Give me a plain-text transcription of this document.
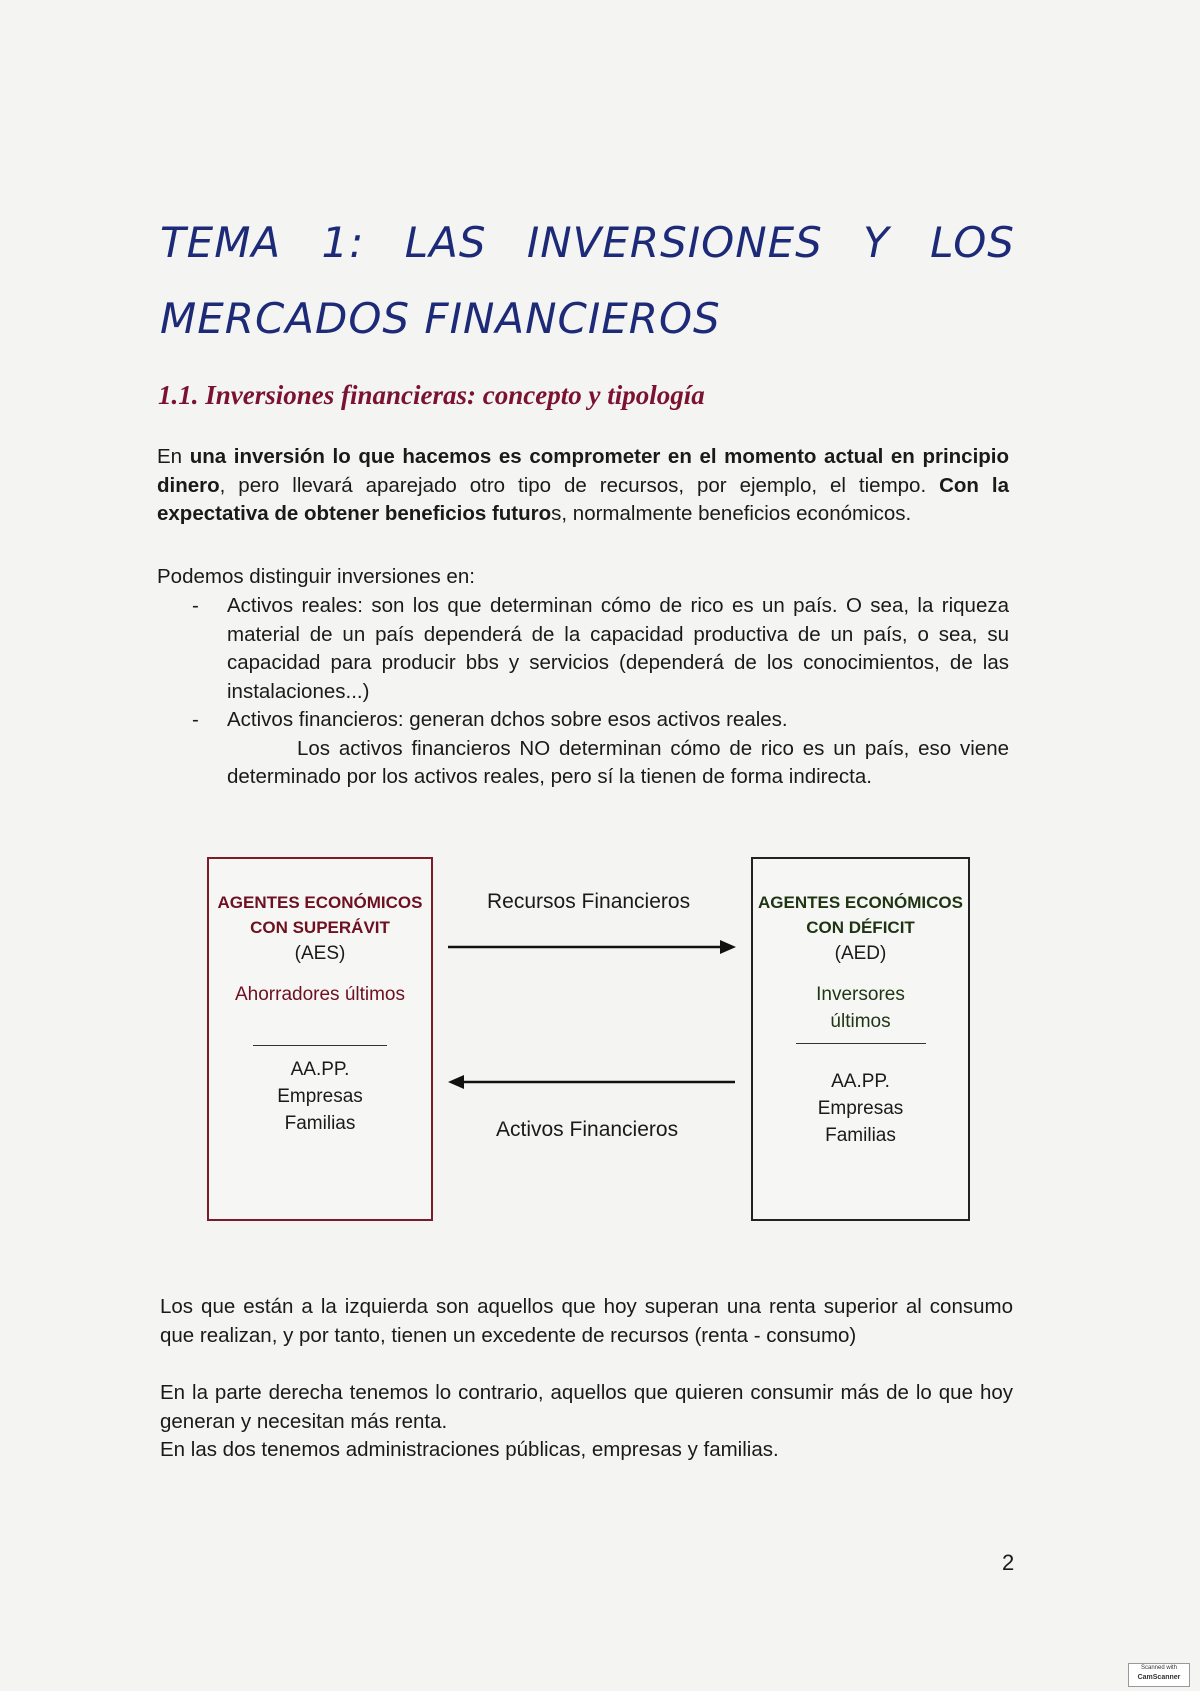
TEMA 1: LAS INVERSIONES Y LOS
MERCADOS FINANCIEROS
1.1. Inversiones financieras: concepto y tipología
En una inversión lo que hacemos es comprometer en el momento actual en principio dinero, pero llevará aparejado otro tipo de recursos, por ejemplo, el tiempo. Con la expectativa de obtener beneficios futuros, normalmente beneficios económicos.
Podemos distinguir inversiones en:
- Activos reales: son los que determinan cómo de rico es un país. O sea, la riqueza material de un país dependerá de la capacidad productiva de un país, o sea, su capacidad para producir bbs y servicios (dependerá de los conocimientos, de las instalaciones...)
- Activos financieros: generan dchos sobre esos activos reales.
Los activos financieros NO determinan cómo de rico es un país, eso viene determinado por los activos reales, pero sí la tienen de forma indirecta.
AGENTES ECONÓMICOS
CON SUPERÁVIT
(AES)
Ahorradores últimos
AA.PP.
Empresas
Familias
AGENTES ECONÓMICOS
CON DÉFICIT
(AED)
Inversores
últimos
AA.PP.
Empresas
Familias
Recursos Financieros
Activos Financieros
Los que están a la izquierda son aquellos que hoy superan una renta superior al consumo que realizan, y por tanto, tienen un excedente de recursos (renta - consumo)
En la parte derecha tenemos lo contrario, aquellos que quieren consumir más de lo que hoy generan y necesitan más renta.
En las dos tenemos administraciones públicas, empresas y familias.
2
Scanned with
CamScanner
